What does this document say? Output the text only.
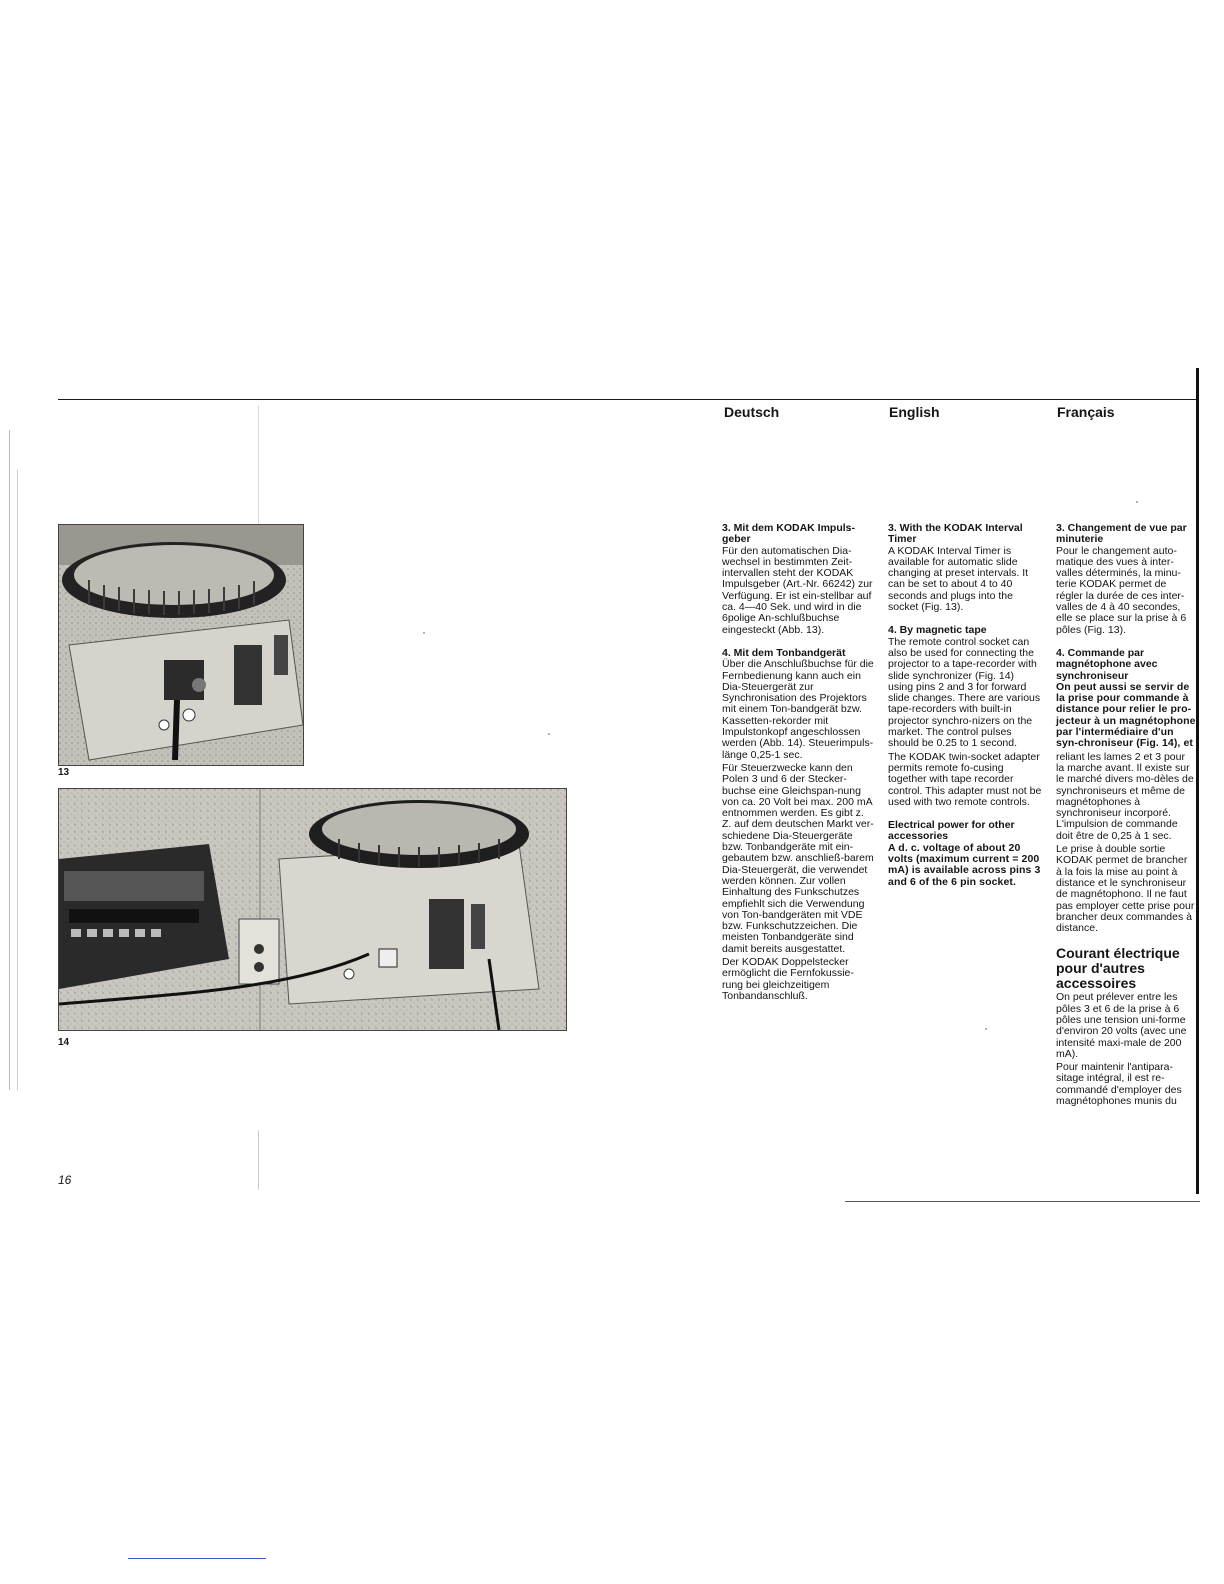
Deutsch	English	Français
13
14
3. Mit dem KODAK Impuls-geber

Für den automatischen Dia-wechsel in bestimmten Zeit-intervallen steht der KODAK Impulsgeber (Art.-Nr. 66242) zur Verfügung. Er ist ein-stellbar auf ca. 4—40 Sek. und wird in die 6polige An-schlußbuchse eingesteckt (Abb. 13).

4. Mit dem Tonbandgerät

Über die Anschlußbuchse für die Fernbedienung kann auch ein Dia-Steuergerät zur Synchronisation des Projektors mit einem Ton-bandgerät bzw. Kassetten-rekorder mit Impulstonkopf angeschlossen werden (Abb. 14). Steuerimpuls-länge 0,25-1 sec.

Für Steuerzwecke kann den Polen 3 und 6 der Stecker-buchse eine Gleichspan-nung von ca. 20 Volt bei max. 200 mA entnommen werden. Es gibt z. Z. auf dem deutschen Markt ver-schiedene Dia-Steuergeräte bzw. Tonbandgeräte mit ein-gebautem bzw. anschließ-barem Dia-Steuergerät, die verwendet werden können. Zur vollen Einhaltung des Funkschutzes empfiehlt sich die Verwendung von Ton-bandgeräten mit VDE bzw. Funkschutzzeichen. Die meisten Tonbandgeräte sind damit bereits ausgestattet.

Der KODAK Doppelstecker ermöglicht die Fernfokussie-rung bei gleichzeitigem Tonbandanschluß.

3. With the KODAK Interval Timer

A KODAK Interval Timer is available for automatic slide changing at preset intervals. It can be set to about 4 to 40 seconds and plugs into the socket (Fig. 13).

4. By magnetic tape

The remote control socket can also be used for connecting the projector to a tape-recorder with slide synchronizer (Fig. 14) using pins 2 and 3 for forward slide changes. There are various tape-recorders with built-in projector synchro-nizers on the market. The control pulses should be 0.25 to 1 second.

The KODAK twin-socket adapter permits remote fo-cusing together with tape recorder control. This adapter must not be used with two remote controls.

Electrical power for other accessories

A d. c. voltage of about 20 volts (maximum current = 200 mA) is available across pins 3 and 6 of the 6 pin socket.

3. Changement de vue par minuterie

Pour le changement auto-matique des vues à inter-valles déterminés, la minu-terie KODAK permet de régler la durée de ces inter-valles de 4 à 40 secondes, elle se place sur la prise à 6 pôles (Fig. 13).

4. Commande par magnétophone avec synchroniseur

On peut aussi se servir de la prise pour commande à distance pour relier le pro-jecteur à un magnétophone par l'intermédiaire d'un syn-chroniseur (Fig. 14), et

reliant les lames 2 et 3 pour la marche avant. Il existe sur le marché divers mo-dèles de synchroniseurs et même de magnétophones à synchroniseur incorporé. L'impulsion de commande doit être de 0,25 à 1 sec.

Le prise à double sortie KODAK permet de brancher à la fois la mise au point à distance et le synchroniseur de magnétophono. Il ne faut pas employer cette prise pour brancher deux commandes à distance.

Courant électrique pour d'autres accessoires

On peut prélever entre les pôles 3 et 6 de la prise à 6 pôles une tension uni-forme d'environ 20 volts (avec une intensité maxi-male de 200 mA).

Pour maintenir l'antipara-sitage intégral, il est re-commandé d'employer des magnétophones munis du

16
